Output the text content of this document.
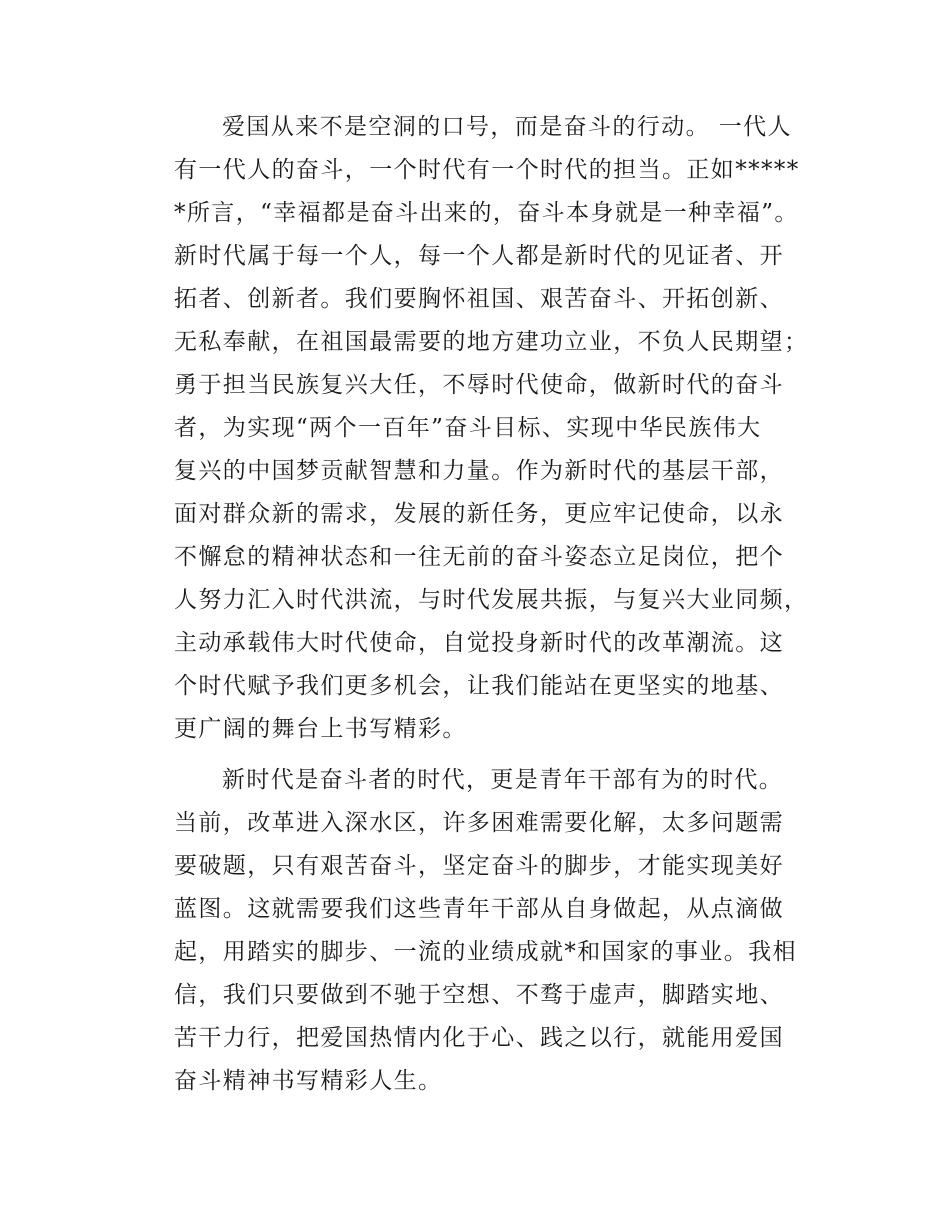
爱国从来不是空洞的口号，而是奋斗的行动。 一代人
有一代人的奋斗，一个时代有一个时代的担当。正如*****
*所言，“幸福都是奋斗出来的，奋斗本身就是一种幸福”。
新时代属于每一个人，每一个人都是新时代的见证者、开
拓者、创新者。我们要胸怀祖国、艰苦奋斗、开拓创新、
无私奉献，在祖国最需要的地方建功立业，不负人民期望；
勇于担当民族复兴大任，不辱时代使命，做新时代的奋斗
者，为实现“两个一百年”奋斗目标、实现中华民族伟大
复兴的中国梦贡献智慧和力量。作为新时代的基层干部，
面对群众新的需求，发展的新任务，更应牢记使命，以永
不懈怠的精神状态和一往无前的奋斗姿态立足岗位，把个
人努力汇入时代洪流，与时代发展共振，与复兴大业同频，
主动承载伟大时代使命，自觉投身新时代的改革潮流。这
个时代赋予我们更多机会，让我们能站在更坚实的地基、
更广阔的舞台上书写精彩。
新时代是奋斗者的时代，更是青年干部有为的时代。
当前，改革进入深水区，许多困难需要化解，太多问题需
要破题，只有艰苦奋斗，坚定奋斗的脚步，才能实现美好
蓝图。这就需要我们这些青年干部从自身做起，从点滴做
起，用踏实的脚步、一流的业绩成就*和国家的事业。我相
信，我们只要做到不驰于空想、不骛于虚声，脚踏实地、
苦干力行，把爱国热情内化于心、践之以行，就能用爱国
奋斗精神书写精彩人生。
